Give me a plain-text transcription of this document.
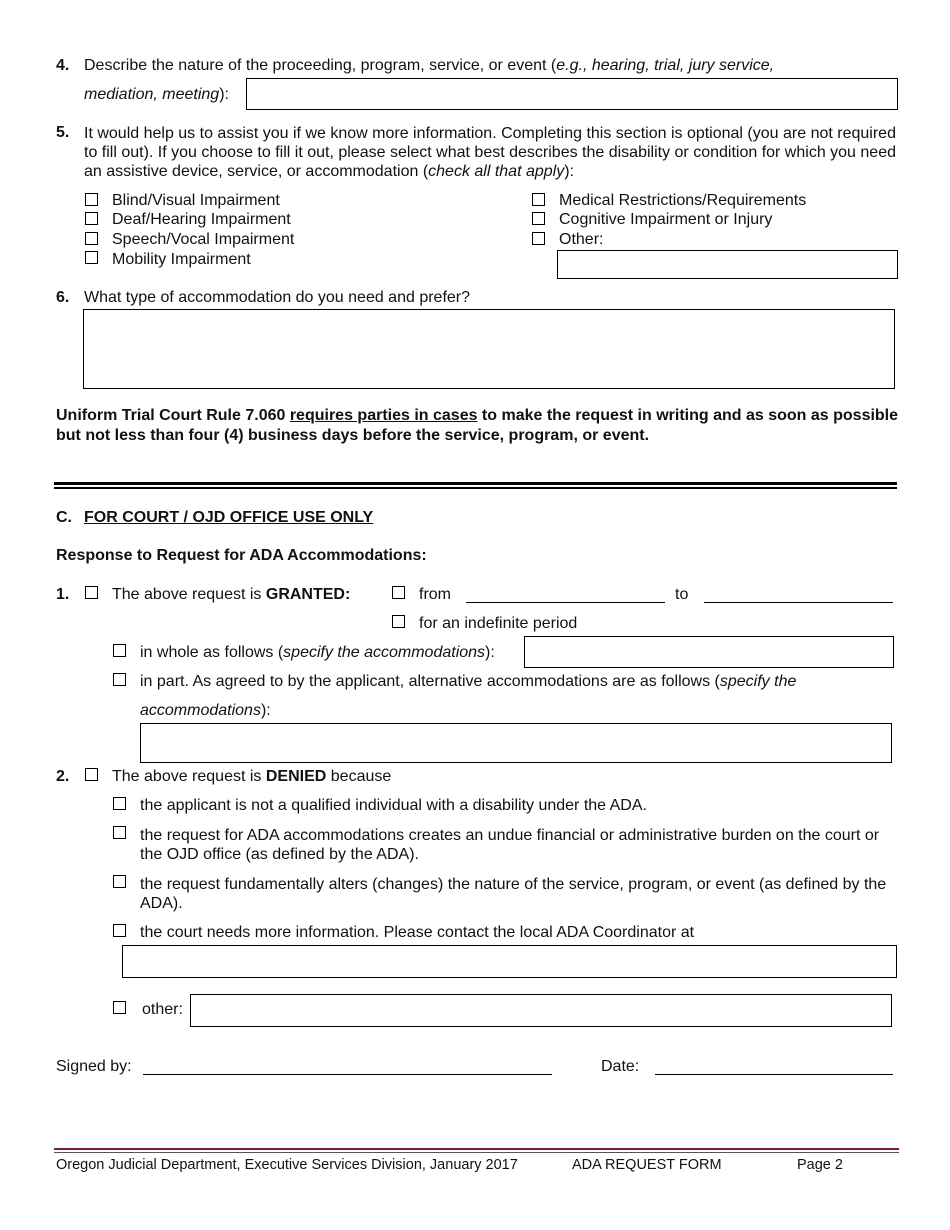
4. Describe the nature of the proceeding, program, service, or event (e.g., hearing, trial, jury service,
mediation, meeting):
5. It would help us to assist you if we know more information. Completing this section is optional (you are not required to fill out). If you choose to fill it out, please select what best describes the disability or condition for which you need an assistive device, service, or accommodation (check all that apply):
Blind/Visual Impairment
Deaf/Hearing Impairment
Speech/Vocal Impairment
Mobility Impairment
Medical Restrictions/Requirements
Cognitive Impairment or Injury
Other:
6. What type of accommodation do you need and prefer?
Uniform Trial Court Rule 7.060 requires parties in cases to make the request in writing and as soon as possible but not less than four (4) business days before the service, program, or event.
C. FOR COURT / OJD OFFICE USE ONLY
Response to Request for ADA Accommodations:
1.	The above request is GRANTED:	from	to
for an indefinite period
in whole as follows (specify the accommodations):
in part. As agreed to by the applicant, alternative accommodations are as follows (specify the
accommodations):
2.	The above request is DENIED because
the applicant is not a qualified individual with a disability under the ADA.
the request for ADA accommodations creates an undue financial or administrative burden on the court or the OJD office (as defined by the ADA).
the request fundamentally alters (changes) the nature of the service, program, or event (as defined by the ADA).
the court needs more information. Please contact the local ADA Coordinator at
other:
Signed by:	Date:
Oregon Judicial Department, Executive Services Division, January 2017	ADA REQUEST FORM	Page 2
